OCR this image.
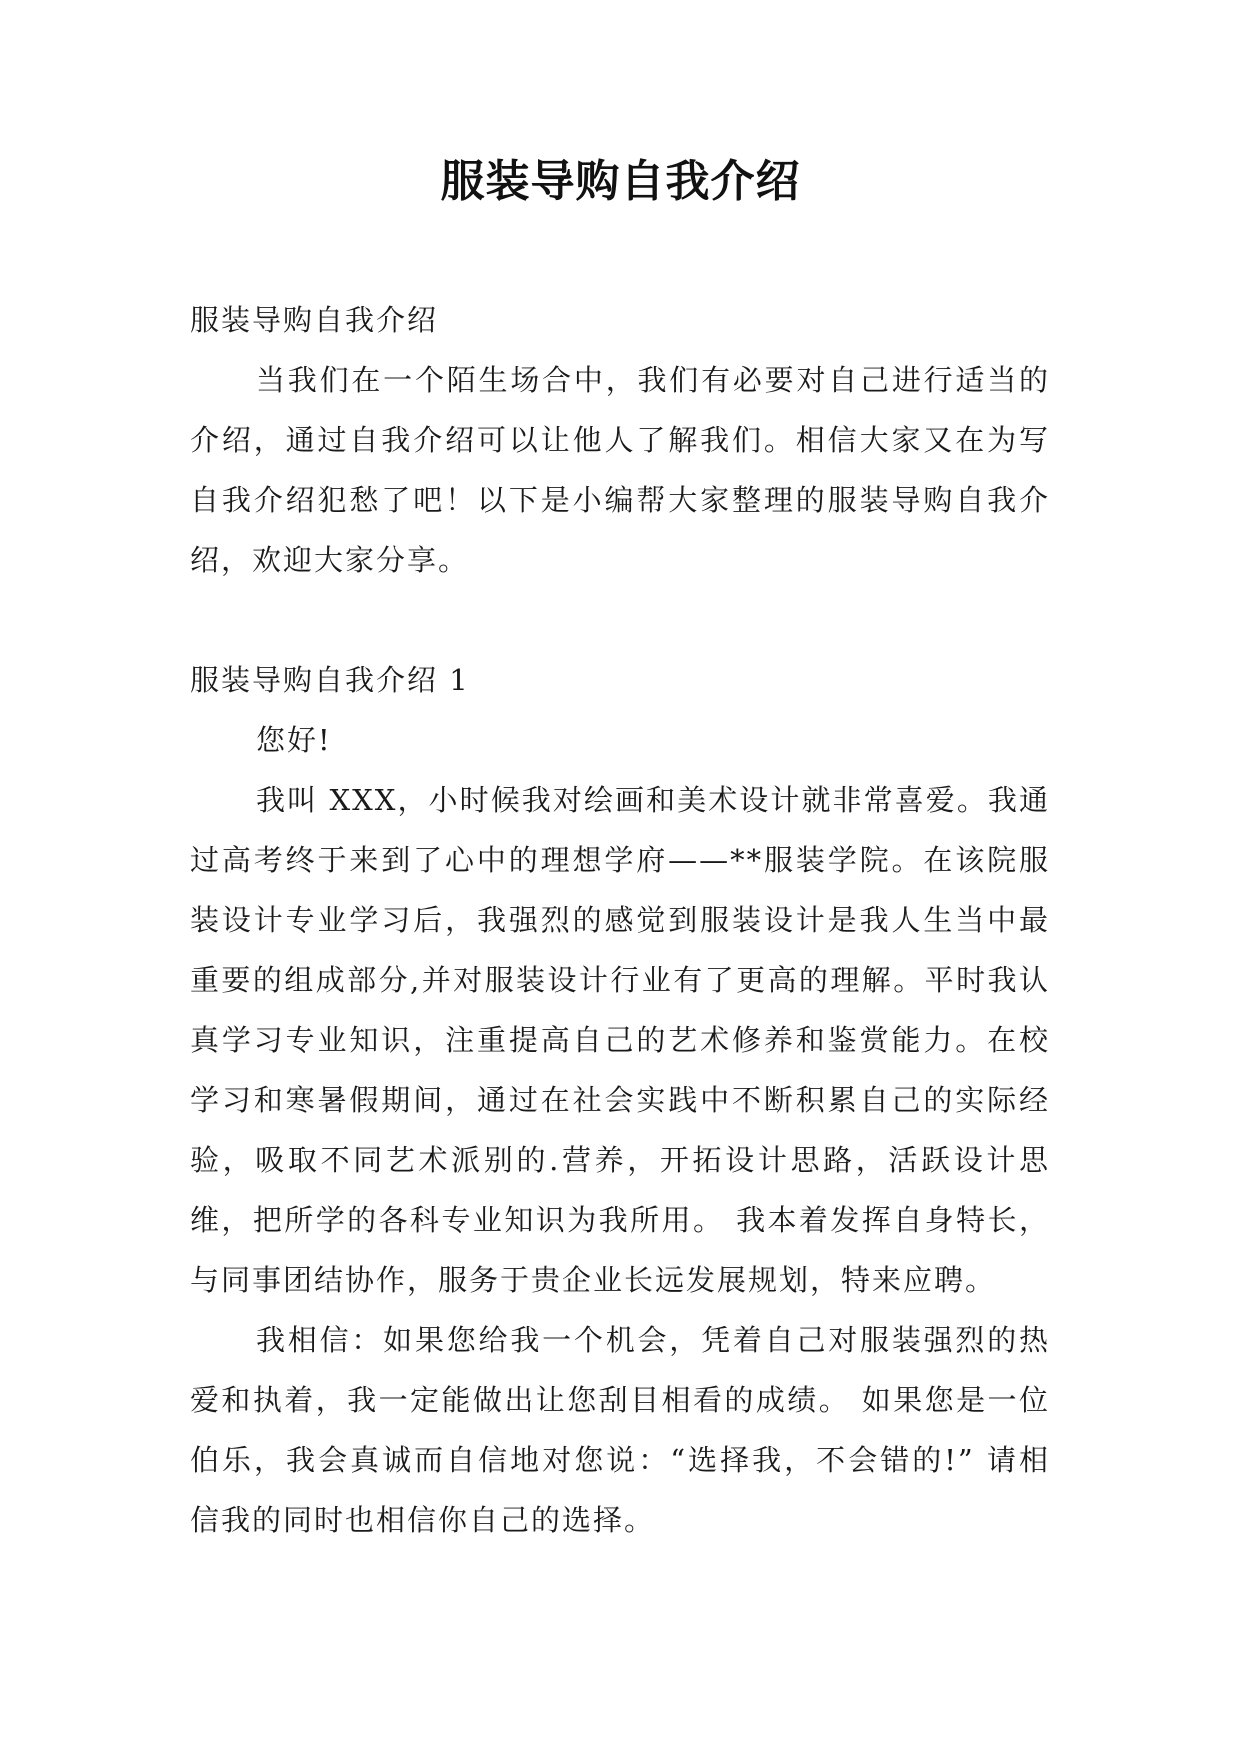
服装导购自我介绍

服装导购自我介绍

当我们在一个陌生场合中，我们有必要对自己进行适当的介绍，通过自我介绍可以让他人了解我们。相信大家又在为写自我介绍犯愁了吧！以下是小编帮大家整理的服装导购自我介绍，欢迎大家分享。

服装导购自我介绍 1

您好!

我叫 XXX，小时候我对绘画和美术设计就非常喜爱。我通过高考终于来到了心中的理想学府——**服装学院。在该院服装设计专业学习后，我强烈的感觉到服装设计是我人生当中最重要的组成部分,并对服装设计行业有了更高的理解。平时我认真学习专业知识，注重提高自己的艺术修养和鉴赏能力。在校学习和寒暑假期间，通过在社会实践中不断积累自己的实际经验，吸取不同艺术派别的.营养，开拓设计思路，活跃设计思维，把所学的各科专业知识为我所用。 我本着发挥自身特长，与同事团结协作，服务于贵企业长远发展规划，特来应聘。

我相信：如果您给我一个机会，凭着自己对服装强烈的热爱和执着，我一定能做出让您刮目相看的成绩。 如果您是一位伯乐，我会真诚而自信地对您说：“选择我，不会错的!” 请相信我的同时也相信你自己的选择。
